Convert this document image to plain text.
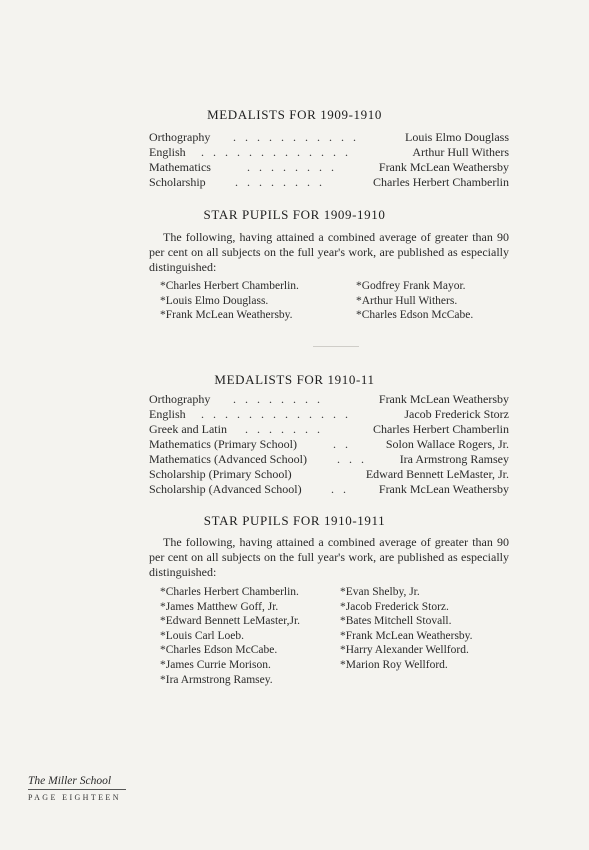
MEDALISTS FOR 1909-1910
Orthography . . . . . . . . . . .	Louis Elmo Douglass
English . . . . . . . . . . . . .	Arthur Hull Withers
Mathematics	. . . . . . . .	Frank McLean Weathersby
Scholarship . . . . . . . .	Charles Herbert Chamberlin
STAR PUPILS FOR 1909-1910
The following, having attained a combined average of greater than 90 per cent on all subjects on the full year's work, are published as especially distinguished:
*Charles Herbert Chamberlin.
*Louis Elmo Douglass.
*Frank McLean Weathersby.
*Godfrey Frank Mayor.
*Arthur Hull Withers.
*Charles Edson McCabe.
MEDALISTS FOR 1910-11
Orthography . . . . . . . .	Frank McLean Weathersby
English . . . . . . . . . . . . .	Jacob Frederick Storz
Greek and Latin . . . . . . .	Charles Herbert Chamberlin
Mathematics (Primary School)	. .	Solon Wallace Rogers, Jr.
Mathematics (Advanced School)	. . .	Ira Armstrong Ramsey
Scholarship (Primary School)	Edward Bennett LeMaster, Jr.
Scholarship (Advanced School) . . Frank McLean Weathersby
STAR PUPILS FOR 1910-1911
The following, having attained a combined average of greater than 90 per cent on all subjects on the full year's work, are published as especially distinguished:
*Charles Herbert Chamberlin.
*James Matthew Goff, Jr.
*Edward Bennett LeMaster,Jr.
*Louis Carl Loeb.
*Charles Edson McCabe.
*James Currie Morison.
*Ira Armstrong Ramsey.
*Evan Shelby, Jr.
*Jacob Frederick Storz.
*Bates Mitchell Stovall.
*Frank McLean Weathersby.
*Harry Alexander Wellford.
*Marion Roy Wellford.
The Miller School
PAGE EIGHTEEN
